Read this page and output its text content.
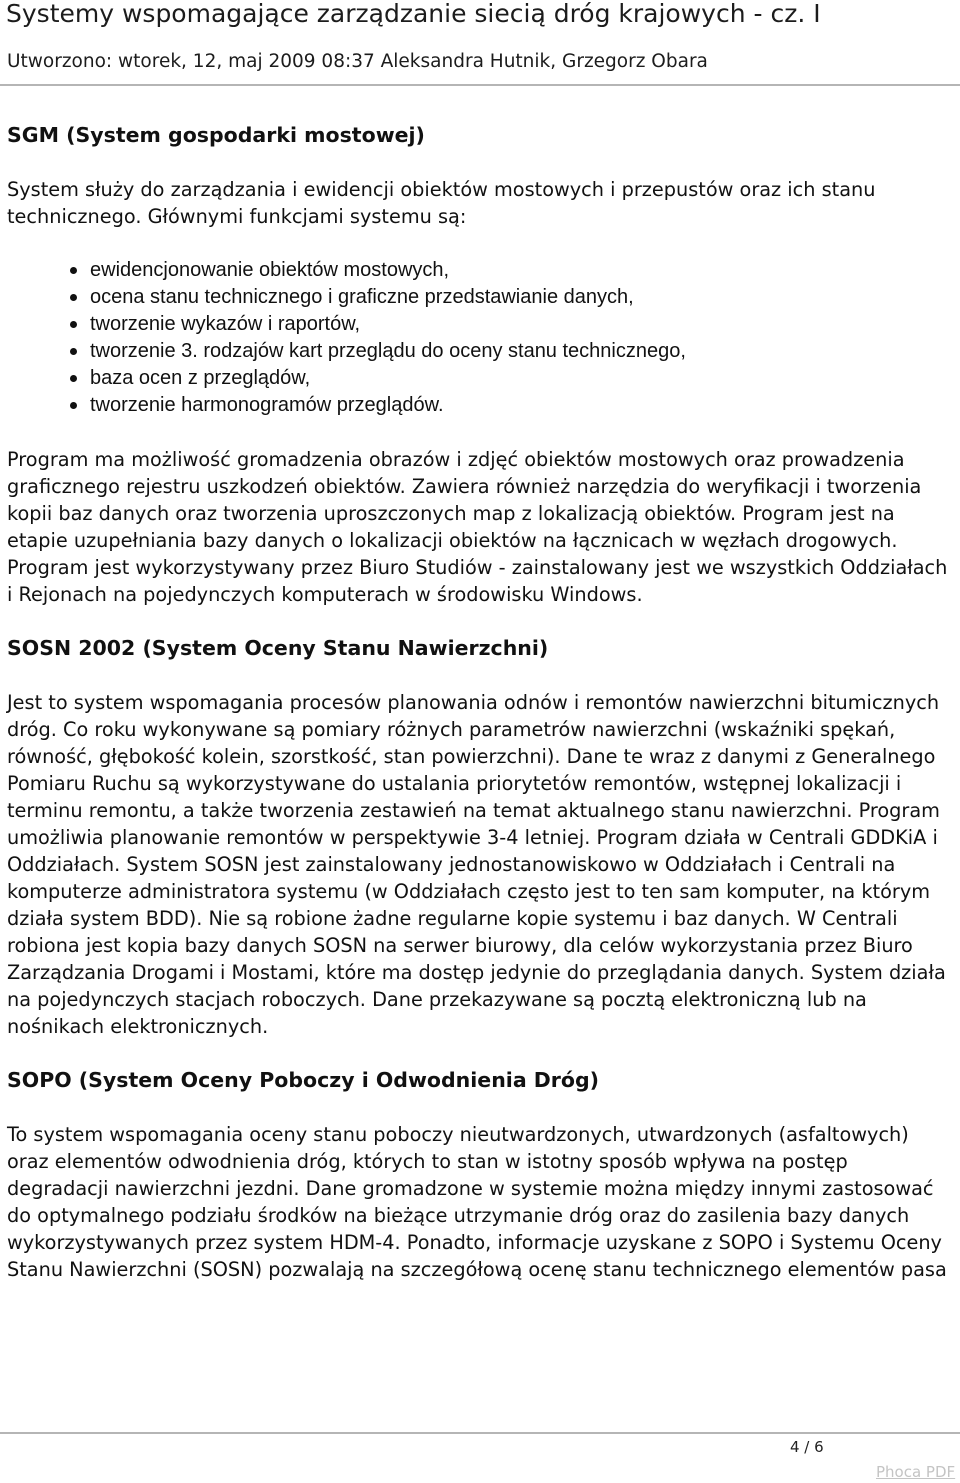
Systemy wspomagające zarządzanie siecią dróg krajowych - cz. I
Utworzono: wtorek, 12, maj 2009 08:37 Aleksandra Hutnik, Grzegorz Obara
SGM (System gospodarki mostowej)

System służy do zarządzania i ewidencji obiektów mostowych i przepustów oraz ich stanu technicznego. Głównymi funkcjami systemu są:

ewidencjonowanie obiektów mostowych,
ocena stanu technicznego i graficzne przedstawianie danych,
tworzenie wykazów i raportów,
tworzenie 3. rodzajów kart przeglądu do oceny stanu technicznego,
baza ocen z przeglądów,
tworzenie harmonogramów przeglądów.

Program ma możliwość gromadzenia obrazów i zdjęć obiektów mostowych oraz prowadzenia graficznego rejestru uszkodzeń obiektów. Zawiera również narzędzia do weryfikacji i tworzenia kopii baz danych oraz tworzenia uproszczonych map z lokalizacją obiektów. Program jest na etapie uzupełniania bazy danych o lokalizacji obiektów na łącznicach w węzłach drogowych. Program jest wykorzystywany przez Biuro Studiów - zainstalowany jest we wszystkich Oddziałach i Rejonach na pojedynczych komputerach w środowisku Windows.

SOSN 2002 (System Oceny Stanu Nawierzchni)

Jest to system wspomagania procesów planowania odnów i remontów nawierzchni bitumicznych dróg. Co roku wykonywane są pomiary różnych parametrów nawierzchni (wskaźniki spękań, równość, głębokość kolein, szorstkość, stan powierzchni). Dane te wraz z danymi z Generalnego Pomiaru Ruchu są wykorzystywane do ustalania priorytetów remontów, wstępnej lokalizacji i terminu remontu, a także tworzenia zestawień na temat aktualnego stanu nawierzchni. Program umożliwia planowanie remontów w perspektywie 3-4 letniej. Program działa w Centrali GDDKiA i Oddziałach. System SOSN jest zainstalowany jednostanowiskowo w Oddziałach i Centrali na komputerze administratora systemu (w Oddziałach często jest to ten sam komputer, na którym działa system BDD). Nie są robione żadne regularne kopie systemu i baz danych. W Centrali robiona jest kopia bazy danych SOSN na serwer biurowy, dla celów wykorzystania przez Biuro Zarządzania Drogami i Mostami, które ma dostęp jedynie do przeglądania danych. System działa na pojedynczych stacjach roboczych. Dane przekazywane są pocztą elektroniczną lub na nośnikach elektronicznych.

SOPO (System Oceny Poboczy i Odwodnienia Dróg)

To system wspomagania oceny stanu poboczy nieutwardzonych, utwardzonych (asfaltowych) oraz elementów odwodnienia dróg, których to stan w istotny sposób wpływa na postęp degradacji nawierzchni jezdni. Dane gromadzone w systemie można między innymi zastosować do optymalnego podziału środków na bieżące utrzymanie dróg oraz do zasilenia bazy danych wykorzystywanych przez system HDM-4. Ponadto, informacje uzyskane z SOPO i Systemu Oceny Stanu Nawierzchni (SOSN) pozwalają na szczegółową ocenę stanu technicznego elementów pasa

4 / 6
Phoca PDF
